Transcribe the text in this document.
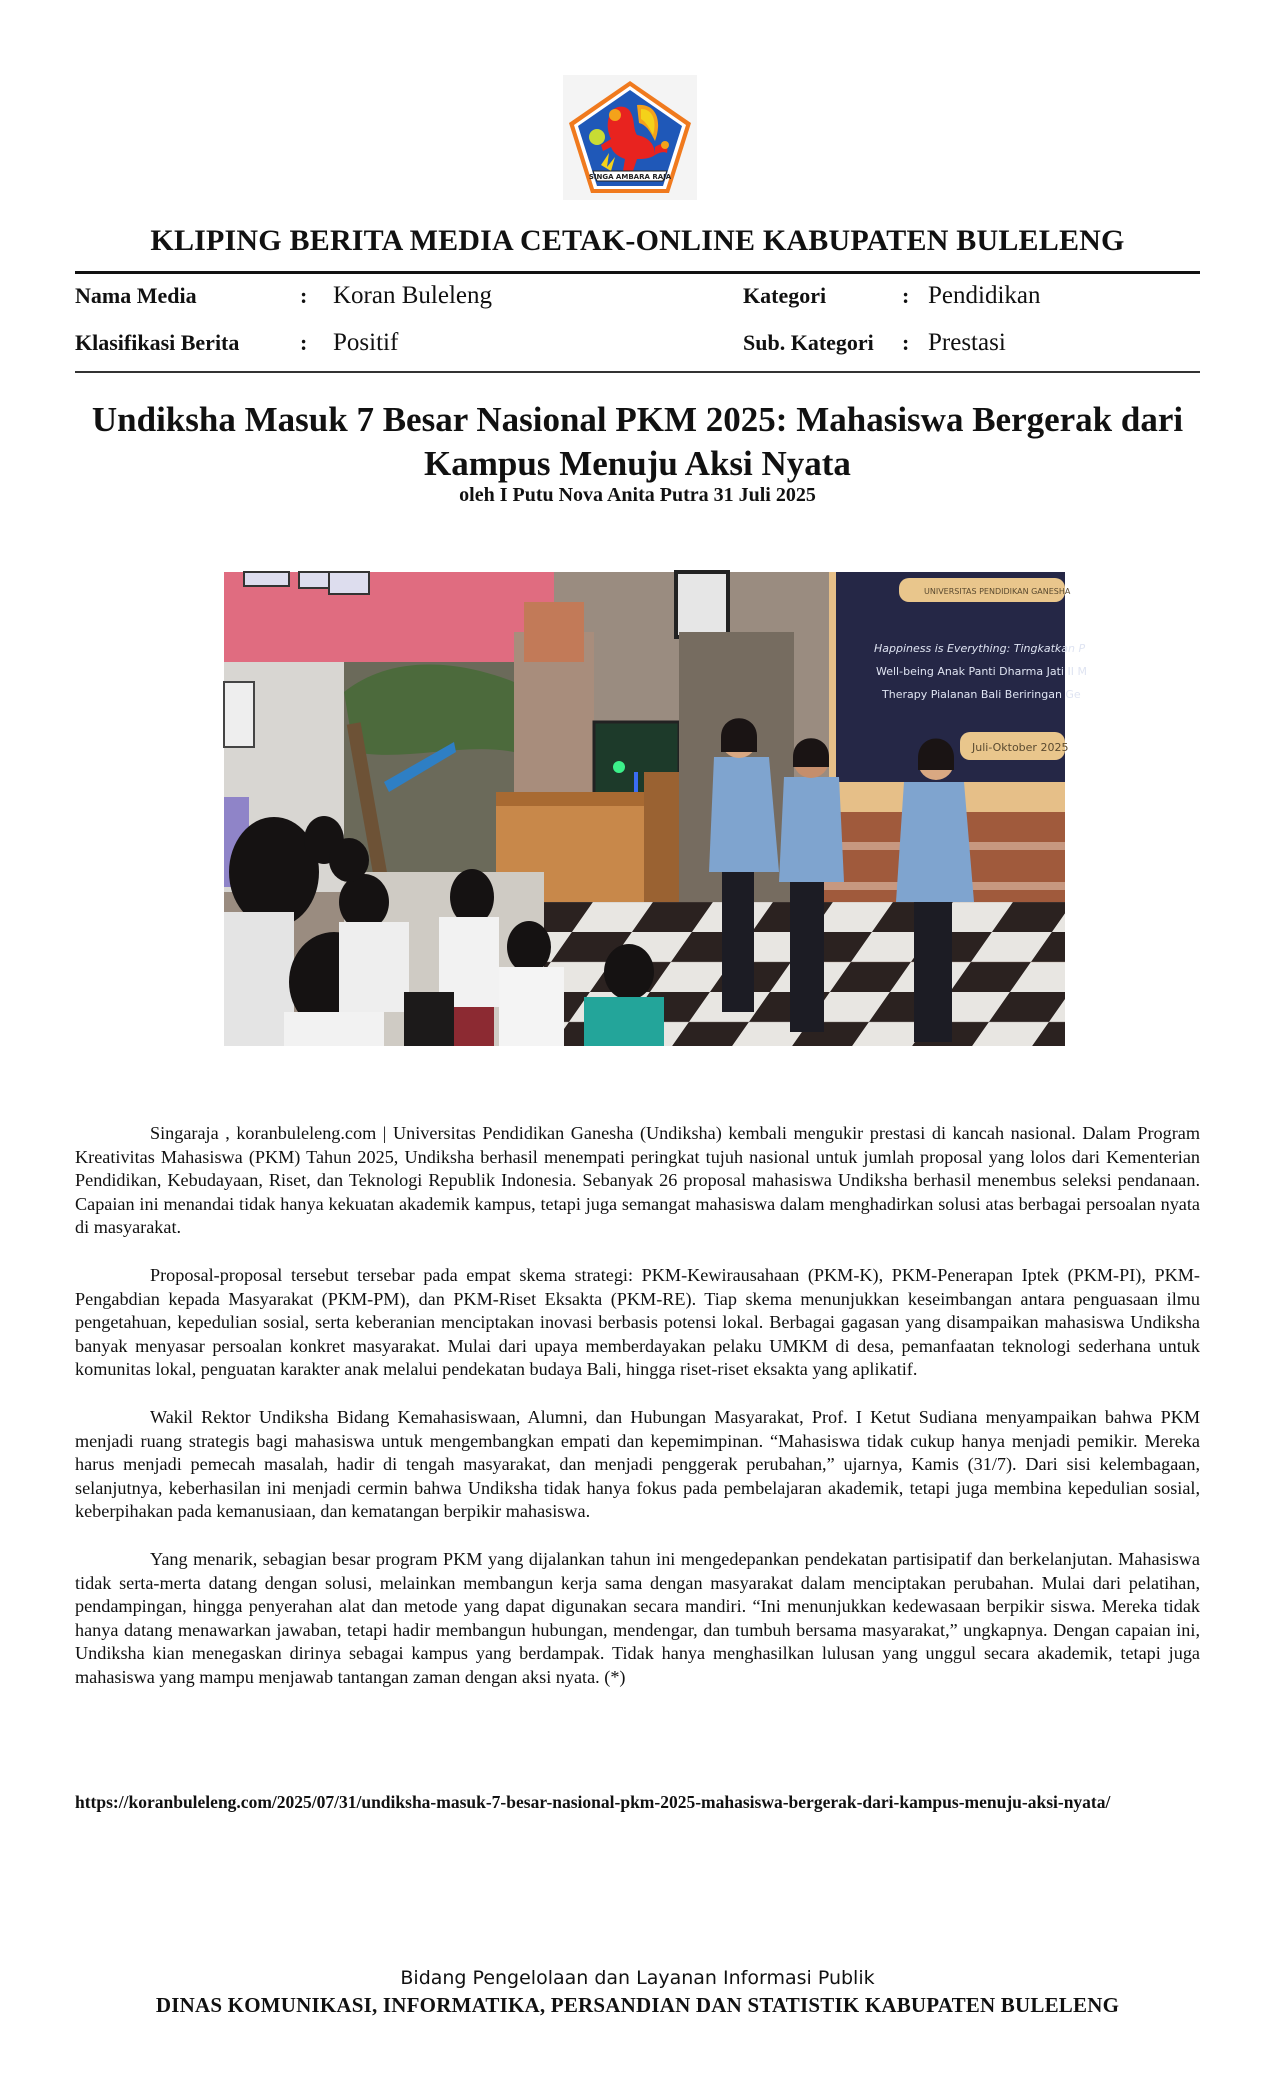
SINGA AMBARA RAJA
KLIPING BERITA MEDIA CETAK-ONLINE KABUPATEN BULELENG
Nama Media	: Koran Buleleng
Klasifikasi Berita	: Positif
Kategori	: Pendidikan
Sub. Kategori : Prestasi
Undiksha Masuk 7 Besar Nasional PKM 2025: Mahasiswa Bergerak dari Kampus Menuju Aksi Nyata
oleh I Putu Nova Anita Putra 31 Juli 2025
UNIVERSITAS PENDIDIKAN GANESHA
Happiness is Everything: Tingkatkan P
Well-being Anak Panti Dharma Jati II M
Therapy Pialanan Bali Beriringan Ge
Juli-Oktober 2025

Singaraja , koranbuleleng.com | Universitas Pendidikan Ganesha (Undiksha) kembali mengukir prestasi di kancah nasional. Dalam Program Kreativitas Mahasiswa (PKM) Tahun 2025, Undiksha berhasil menempati peringkat tujuh nasional untuk jumlah proposal yang lolos dari Kementerian Pendidikan, Kebudayaan, Riset, dan Teknologi Republik Indonesia. Sebanyak 26 proposal mahasiswa Undiksha berhasil menembus seleksi pendanaan. Capaian ini menandai tidak hanya kekuatan akademik kampus, tetapi juga semangat mahasiswa dalam menghadirkan solusi atas berbagai persoalan nyata di masyarakat.

Proposal-proposal tersebut tersebar pada empat skema strategi: PKM-Kewirausahaan (PKM-K), PKM-Penerapan Iptek (PKM-PI), PKM-Pengabdian kepada Masyarakat (PKM-PM), dan PKM-Riset Eksakta (PKM-RE). Tiap skema menunjukkan keseimbangan antara penguasaan ilmu pengetahuan, kepedulian sosial, serta keberanian menciptakan inovasi berbasis potensi lokal. Berbagai gagasan yang disampaikan mahasiswa Undiksha banyak menyasar persoalan konkret masyarakat. Mulai dari upaya memberdayakan pelaku UMKM di desa, pemanfaatan teknologi sederhana untuk komunitas lokal, penguatan karakter anak melalui pendekatan budaya Bali, hingga riset-riset eksakta yang aplikatif.

Wakil Rektor Undiksha Bidang Kemahasiswaan, Alumni, dan Hubungan Masyarakat, Prof. I Ketut Sudiana menyampaikan bahwa PKM menjadi ruang strategis bagi mahasiswa untuk mengembangkan empati dan kepemimpinan. “Mahasiswa tidak cukup hanya menjadi pemikir. Mereka harus menjadi pemecah masalah, hadir di tengah masyarakat, dan menjadi penggerak perubahan,” ujarnya, Kamis (31/7). Dari sisi kelembagaan, selanjutnya, keberhasilan ini menjadi cermin bahwa Undiksha tidak hanya fokus pada pembelajaran akademik, tetapi juga membina kepedulian sosial, keberpihakan pada kemanusiaan, dan kematangan berpikir mahasiswa.

Yang menarik, sebagian besar program PKM yang dijalankan tahun ini mengedepankan pendekatan partisipatif dan berkelanjutan. Mahasiswa tidak serta-merta datang dengan solusi, melainkan membangun kerja sama dengan masyarakat dalam menciptakan perubahan. Mulai dari pelatihan, pendampingan, hingga penyerahan alat dan metode yang dapat digunakan secara mandiri. “Ini menunjukkan kedewasaan berpikir siswa. Mereka tidak hanya datang menawarkan jawaban, tetapi hadir membangun hubungan, mendengar, dan tumbuh bersama masyarakat,” ungkapnya. Dengan capaian ini, Undiksha kian menegaskan dirinya sebagai kampus yang berdampak. Tidak hanya menghasilkan lulusan yang unggul secara akademik, tetapi juga mahasiswa yang mampu menjawab tantangan zaman dengan aksi nyata. (*)

https://koranbuleleng.com/2025/07/31/undiksha-masuk-7-besar-nasional-pkm-2025-mahasiswa-bergerak-dari-kampus-menuju-aksi-nyata/
Bidang Pengelolaan dan Layanan Informasi Publik
DINAS KOMUNIKASI, INFORMATIKA, PERSANDIAN DAN STATISTIK KABUPATEN BULELENG
